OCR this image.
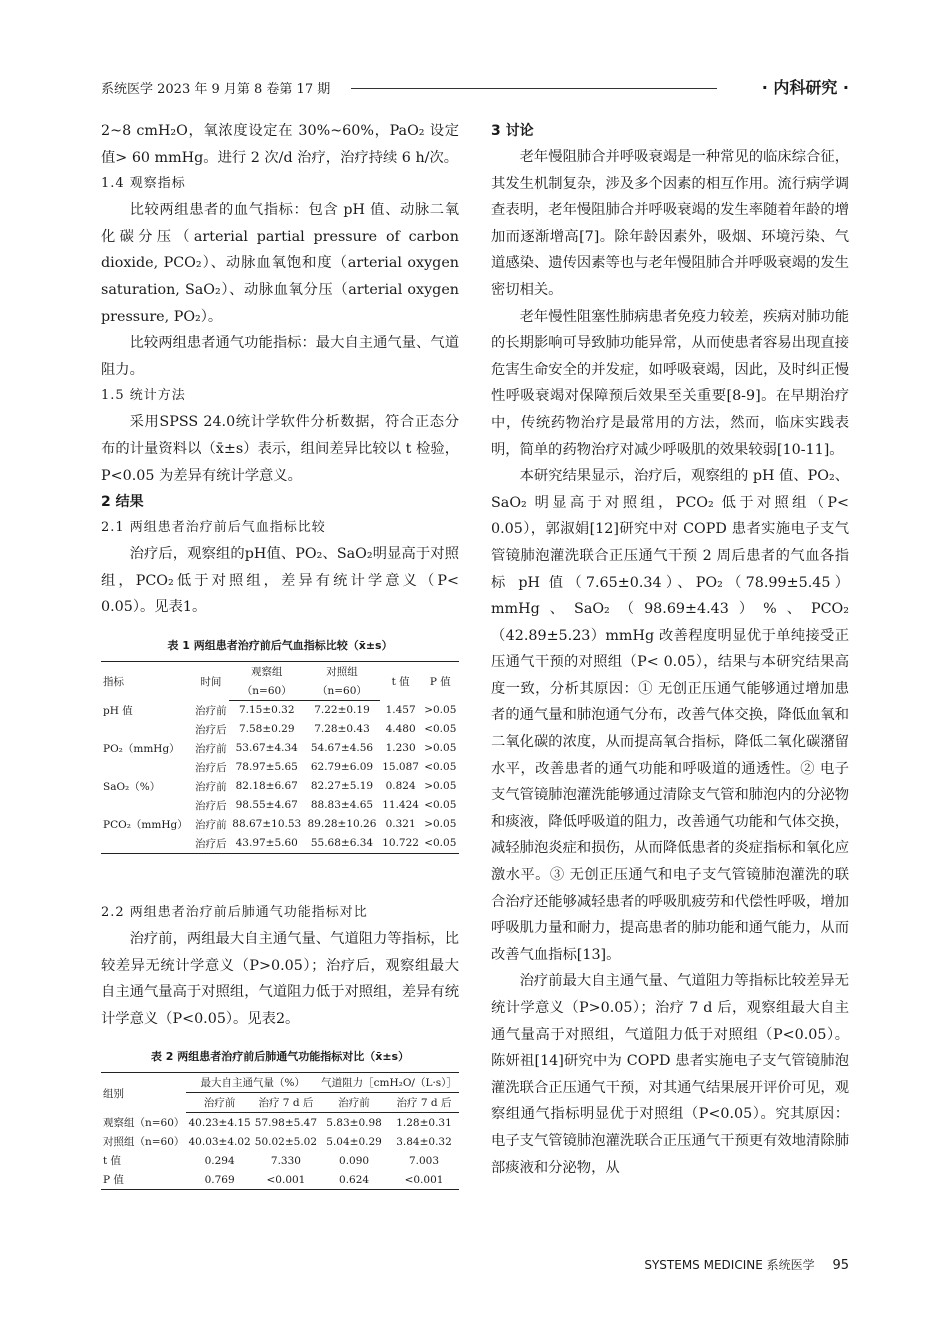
系统医学 2023 年 9 月第 8 卷第 17 期	· 内科研究 ·

2~8 cmH₂O，氧浓度设定在 30%~60%，PaO₂ 设定值> 60 mmHg。进行 2 次/d 治疗，治疗持续 6 h/次。

1.4 观察指标

比较两组患者的血气指标：包含 pH 值、动脉二氧化碳分压（arterial partial pressure of carbon dioxide, PCO₂）、动脉血氧饱和度（arterial oxygen saturation, SaO₂）、动脉血氧分压（arterial oxygen pressure, PO₂）。

比较两组患者通气功能指标：最大自主通气量、气道阻力。

1.5 统计方法

采用SPSS 24.0统计学软件分析数据，符合正态分布的计量资料以（x̄±s）表示，组间差异比较以 t 检验，P<0.05 为差异有统计学意义。

2 结果
2.1 两组患者治疗前后气血指标比较

治疗后，观察组的pH值、PO₂、SaO₂明显高于对照组，PCO₂低于对照组，差异有统计学意义（P< 0.05）。见表1。

表 1 两组患者治疗前后气血指标比较（x̄±s）
指标	时间	观察组	对照组	t 值	P 值
		（n=60）	（n=60）		
pH 值	治疗前	7.15±0.32	7.22±0.19	1.457	>0.05
	治疗后	7.58±0.29	7.28±0.43	4.480	<0.05
PO₂（mmHg）	治疗前	53.67±4.34	54.67±4.56	1.230	>0.05
	治疗后	78.97±5.65	62.79±6.09	15.087	<0.05
SaO₂（%）	治疗前	82.18±6.67	82.27±5.19	0.824	>0.05
	治疗后	98.55±4.67	88.83±4.65	11.424	<0.05
PCO₂（mmHg）	治疗前	88.67±10.53	89.28±10.26	0.321	>0.05
	治疗后	43.97±5.60	55.68±6.34	10.722	<0.05
2.2 两组患者治疗前后肺通气功能指标对比

治疗前，两组最大自主通气量、气道阻力等指标，比较差异无统计学意义（P>0.05）；治疗后，观察组最大自主通气量高于对照组，气道阻力低于对照组，差异有统计学意义（P<0.05）。见表2。

表 2 两组患者治疗前后肺通气功能指标对比（x̄±s）
组别	最大自主通气量（%）		气道阻力［cmH₂O/（L·s）］	
	治疗前	治疗 7 d 后	治疗前	治疗 7 d 后
观察组（n=60）	40.23±4.15	57.98±5.47	5.83±0.98	1.28±0.31
对照组（n=60）	40.03±4.02	50.02±5.02	5.04±0.29	3.84±0.32
t 值	0.294	7.330	0.090	7.003
P 值	0.769	<0.001	0.624	<0.001
3 讨论

老年慢阻肺合并呼吸衰竭是一种常见的临床综合征，其发生机制复杂，涉及多个因素的相互作用。流行病学调查表明，老年慢阻肺合并呼吸衰竭的发生率随着年龄的增加而逐渐增高[7]。除年龄因素外，吸烟、环境污染、气道感染、遗传因素等也与老年慢阻肺合并呼吸衰竭的发生密切相关。

老年慢性阻塞性肺病患者免疫力较差，疾病对肺功能的长期影响可导致肺功能异常，从而使患者容易出现直接危害生命安全的并发症，如呼吸衰竭，因此，及时纠正慢性呼吸衰竭对保障预后效果至关重要[8-9]。在早期治疗中，传统药物治疗是最常用的方法，然而，临床实践表明，简单的药物治疗对减少呼吸肌的效果较弱[10-11]。

本研究结果显示，治疗后，观察组的 pH 值、PO₂、SaO₂ 明显高于对照组，PCO₂ 低于对照组（P< 0.05），郭淑娟[12]研究中对 COPD 患者实施电子支气管镜肺泡灌洗联合正压通气干预 2 周后患者的气血各指标 pH 值（7.65±0.34）、PO₂（78.99±5.45）mmHg、SaO₂（98.69±4.43）%、PCO₂（42.89±5.23）mmHg 改善程度明显优于单纯接受正压通气干预的对照组（P< 0.05），结果与本研究结果高度一致，分析其原因：① 无创正压通气能够通过增加患者的通气量和肺泡通气分布，改善气体交换，降低血氧和二氧化碳的浓度，从而提高氧合指标，降低二氧化碳潴留水平，改善患者的通气功能和呼吸道的通透性。② 电子支气管镜肺泡灌洗能够通过清除支气管和肺泡内的分泌物和痰液，降低呼吸道的阻力，改善通气功能和气体交换，减轻肺泡炎症和损伤，从而降低患者的炎症指标和氧化应激水平。③ 无创正压通气和电子支气管镜肺泡灌洗的联合治疗还能够减轻患者的呼吸肌疲劳和代偿性呼吸，增加呼吸肌力量和耐力，提高患者的肺功能和通气能力，从而改善气血指标[13]。

治疗前最大自主通气量、气道阻力等指标比较差异无统计学意义（P>0.05）；治疗 7 d 后，观察组最大自主通气量高于对照组，气道阻力低于对照组（P<0.05）。陈妍祖[14]研究中为 COPD 患者实施电子支气管镜肺泡灌洗联合正压通气干预，对其通气结果展开评价可见，观察组通气指标明显优于对照组（P<0.05）。究其原因：电子支气管镜肺泡灌洗联合正压通气干预更有效地清除肺部痰液和分泌物，从

SYSTEMS MEDICINE 系统医学 95
